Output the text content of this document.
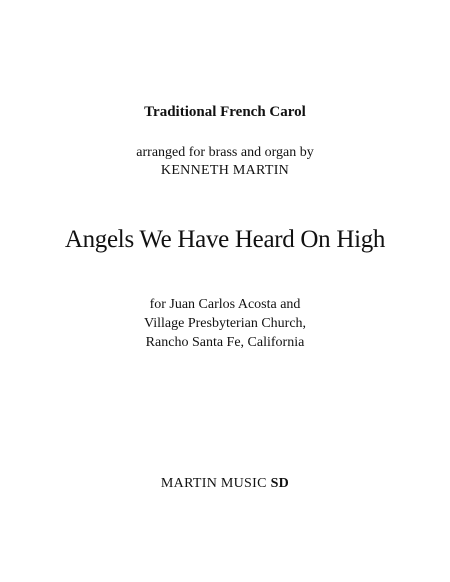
Traditional French Carol
arranged for brass and organ by
KENNETH MARTIN
Angels We Have Heard On High
for Juan Carlos Acosta and
Village Presbyterian Church,
Rancho Santa Fe, California
MARTIN MUSIC SD
